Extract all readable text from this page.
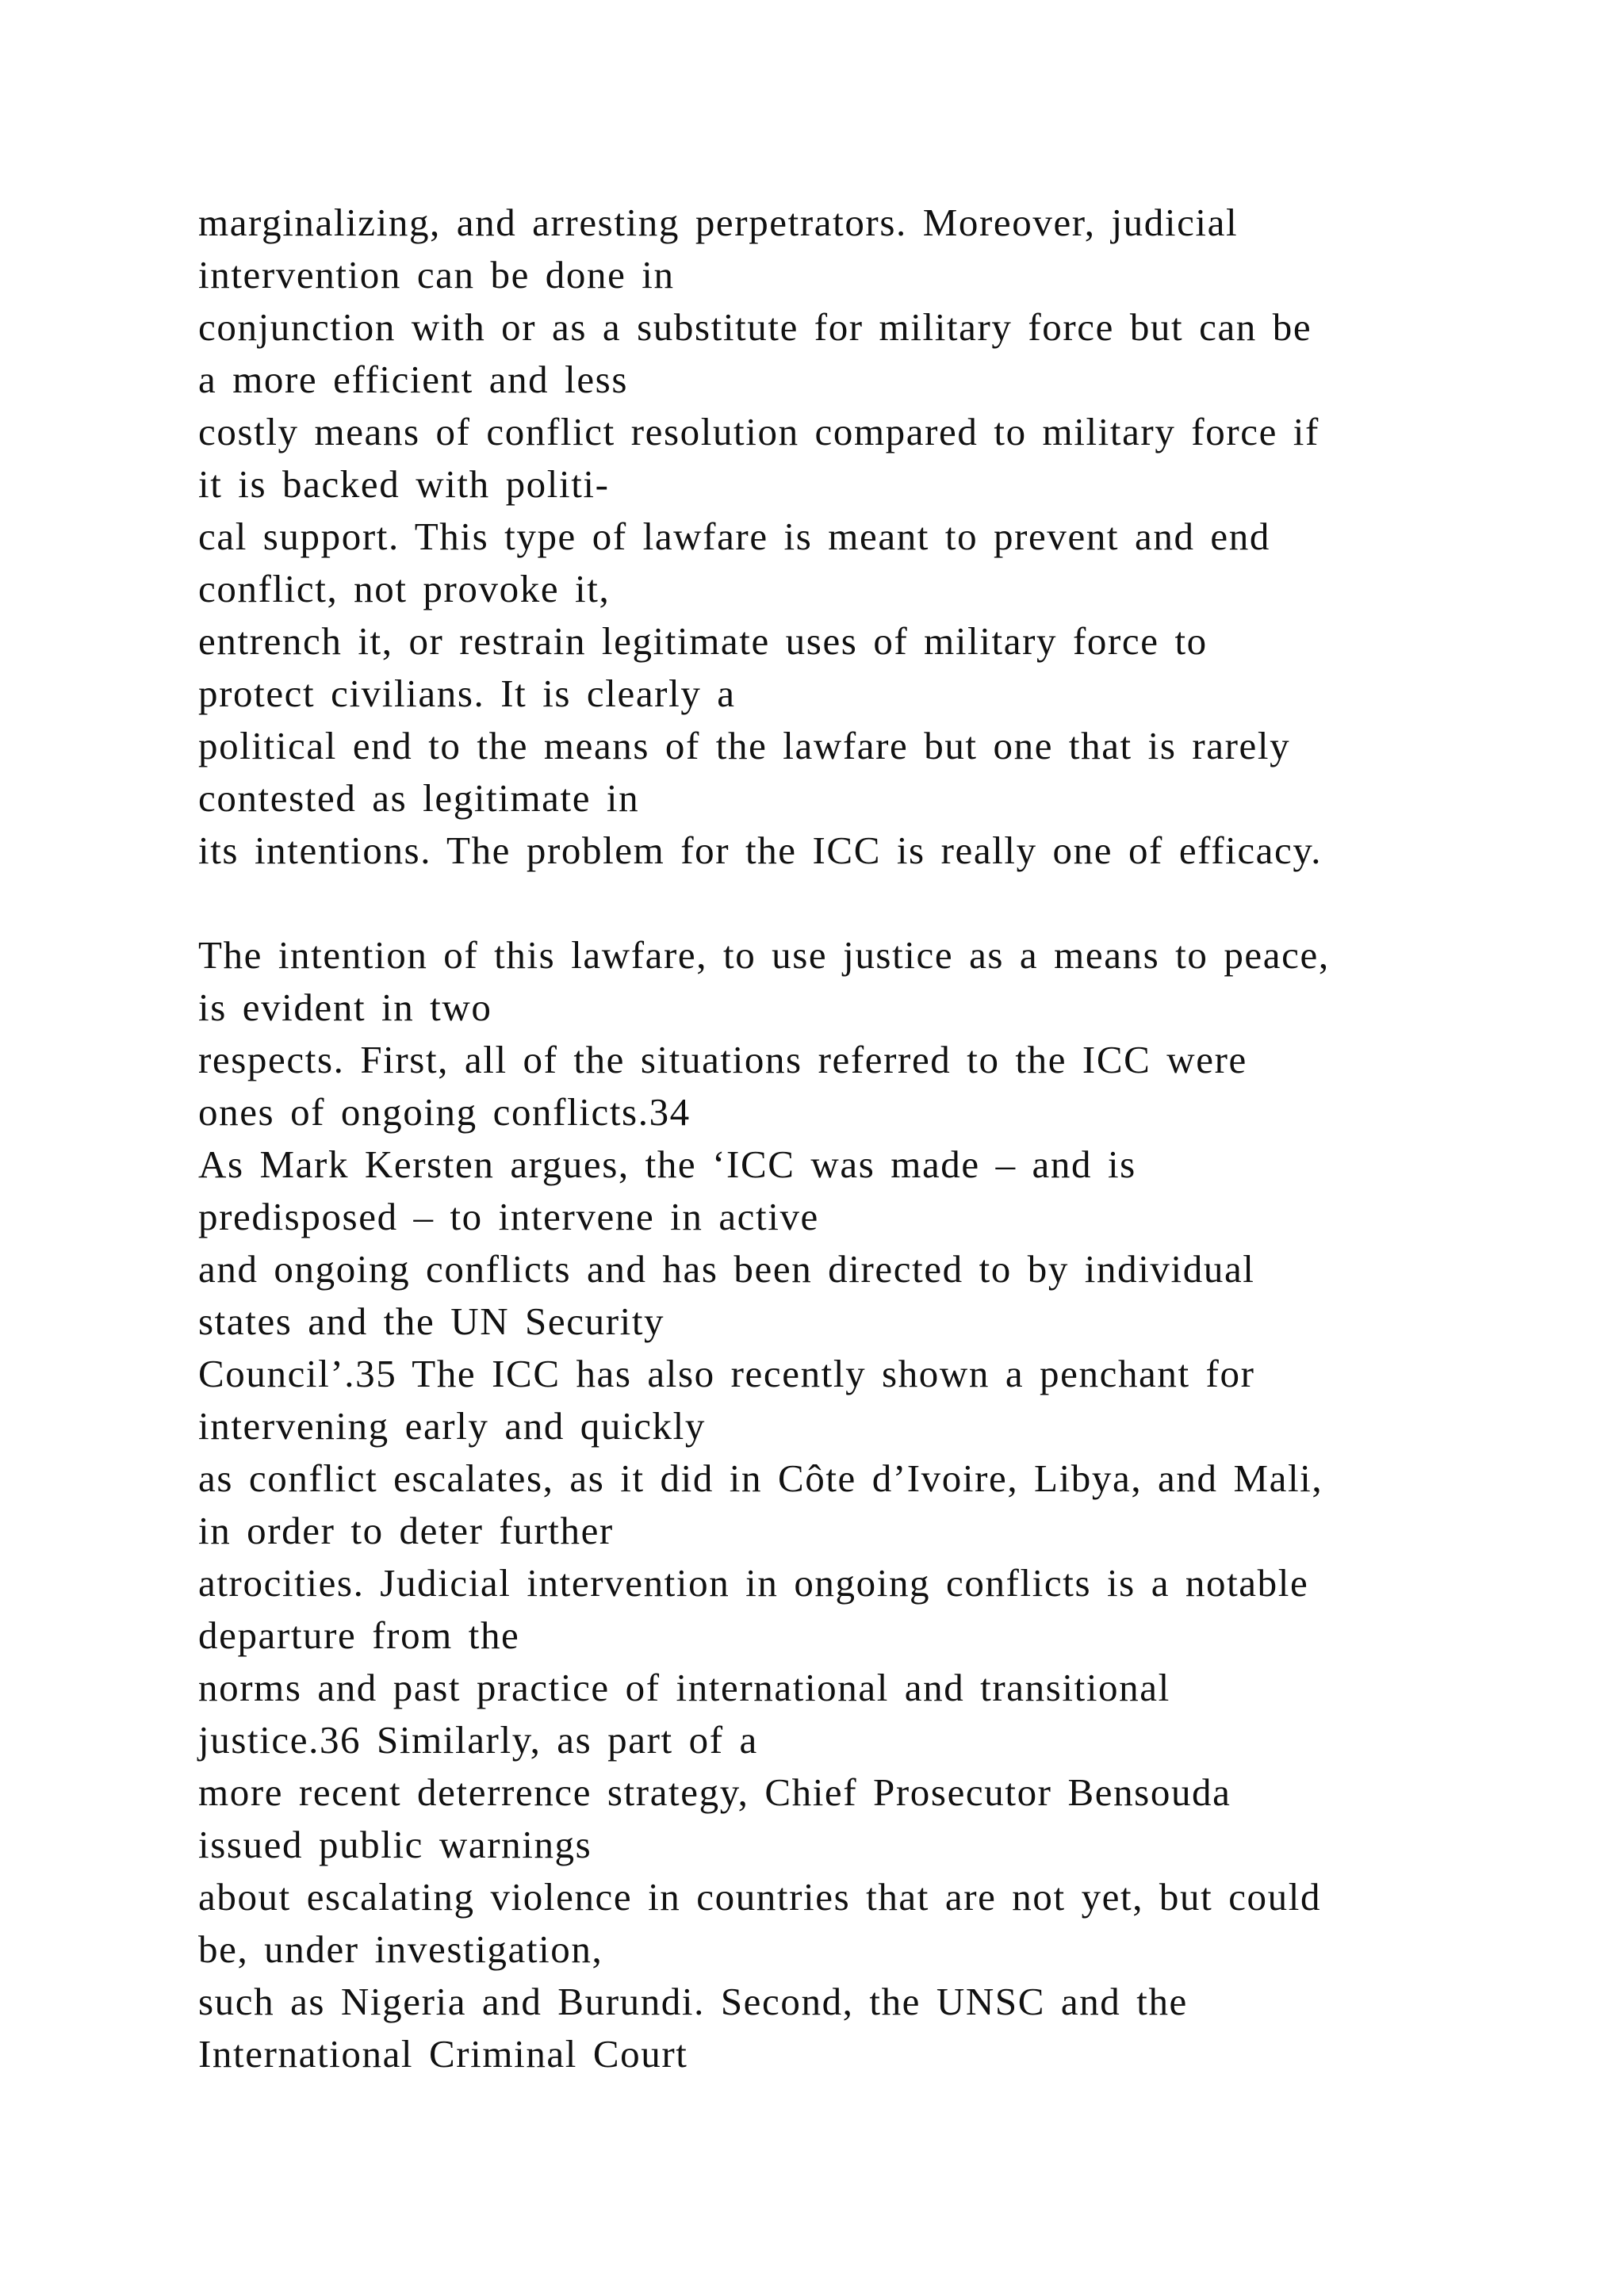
marginalizing, and arresting perpetrators. Moreover, judicial
intervention can be done in
conjunction with or as a substitute for military force but can be
a more efficient and less
costly means of conflict resolution compared to military force if
it is backed with politi-
cal support. This type of lawfare is meant to prevent and end
conflict, not provoke it,
entrench it, or restrain legitimate uses of military force to
protect civilians. It is clearly a
political end to the means of the lawfare but one that is rarely
contested as legitimate in
its intentions. The problem for the ICC is really one of efficacy.
The intention of this lawfare, to use justice as a means to peace,
is evident in two
respects. First, all of the situations referred to the ICC were
ones of ongoing conflicts.34
As Mark Kersten argues, the ‘ICC was made – and is
predisposed – to intervene in active
and ongoing conflicts and has been directed to by individual
states and the UN Security
Council’.35 The ICC has also recently shown a penchant for
intervening early and quickly
as conflict escalates, as it did in Côte d’Ivoire, Libya, and Mali,
in order to deter further
atrocities. Judicial intervention in ongoing conflicts is a notable
departure from the
norms and past practice of international and transitional
justice.36 Similarly, as part of a
more recent deterrence strategy, Chief Prosecutor Bensouda
issued public warnings
about escalating violence in countries that are not yet, but could
be, under investigation,
such as Nigeria and Burundi. Second, the UNSC and the
International Criminal Court
